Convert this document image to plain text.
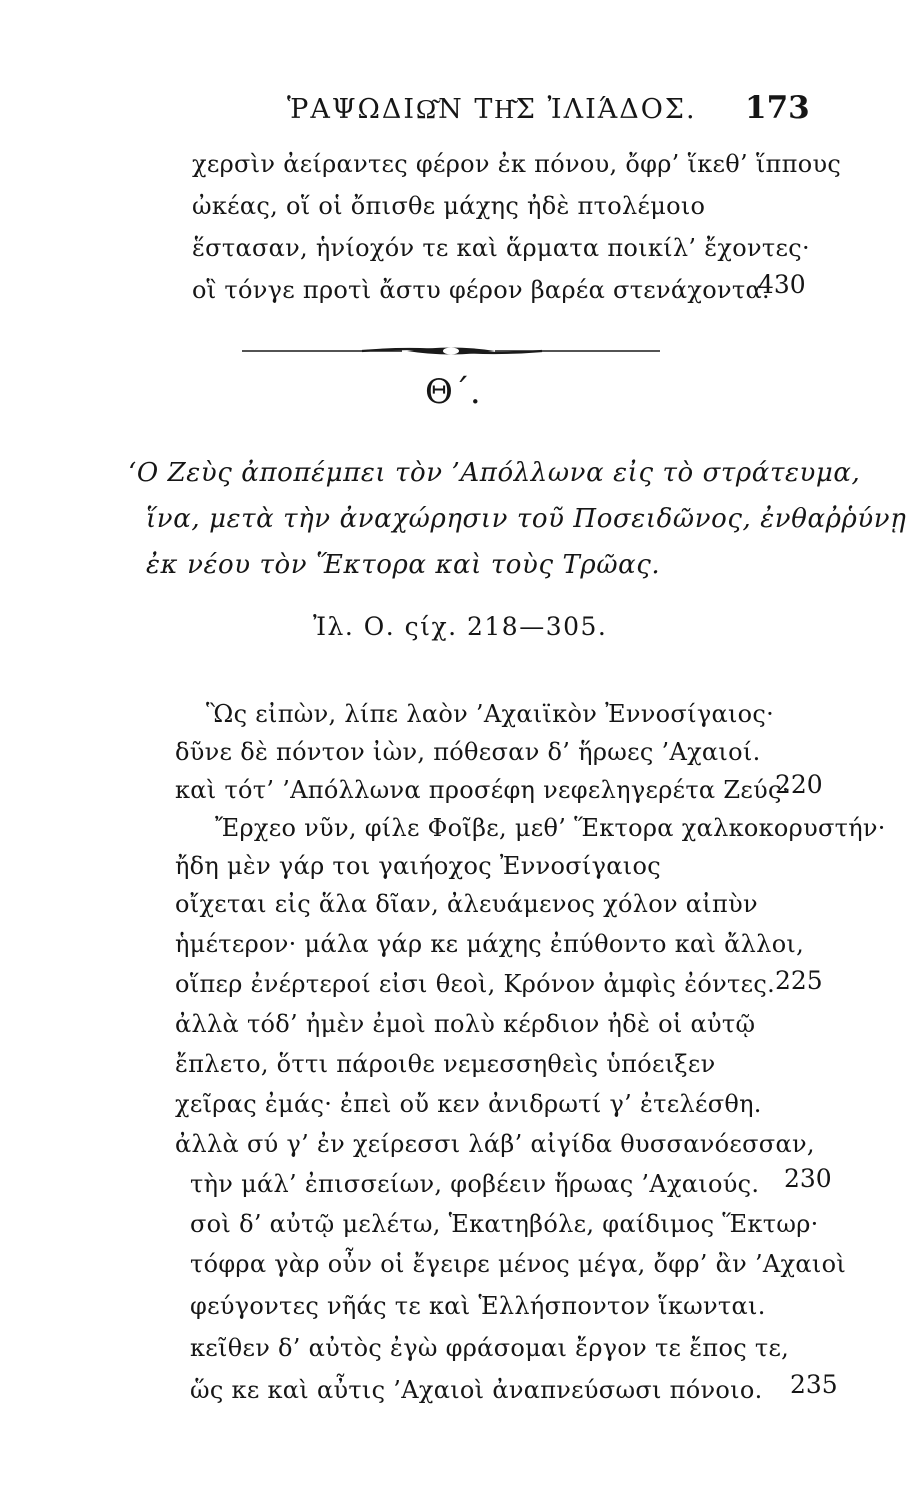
ῬΑΨΩΔΙΩ͂Ν ΤΗ͂Σ ἸΛΙΆΔΟΣ. 173
χερσὶν ἀείραντες φέρον ἐκ πόνου, ὄφρ’ ἵκεθ’ ἵππους
ὠκέας, οἵ οἱ ὄπισθε μάχης ἠδὲ πτολέμοιο
ἕστασαν, ἡνίοχόν τε καὶ ἅρματα ποικίλ’ ἔχοντες·
οἳ τόνγε προτὶ ἄστυ φέρον βαρέα στενάχοντα.
430
Θ΄.
‘Ο Ζεὺς ἀποπέμπει τὸν ’Απόλλωνα εἰς τὸ στράτευμα,
ἵνα, μετὰ τὴν ἀναχώρησιν τοῦ Ποσειδῶνος, ἐνθαῤῥύνῃ
ἐκ νέου τὸν Ἕκτορα καὶ τοὺς Τρῶας.
Ἰλ. Ο. ςίχ. 218—305.
Ὣς εἰπὼν, λίπε λαὸν ’Αχαιϊκὸν Ἐννοσίγαιος·
δῦνε δὲ πόντον ἰὼν, πόθεσαν δ’ ἥρωες ’Αχαιοί.
καὶ τότ’ ’Απόλλωνα προσέφη νεφεληγερέτα Ζεύς·
220
Ἔρχεο νῦν, φίλε Φοῖβε, μεθ’ Ἕκτορα χαλκοκορυστήν·
ἤδη μὲν γάρ τοι γαιήοχος Ἐννοσίγαιος
οἴχεται εἰς ἅλα δῖαν, ἀλευάμενος χόλον αἰπὺν
ἡμέτερον· μάλα γάρ κε μάχης ἐπύθοντο καὶ ἄλλοι,
οἵπερ ἐνέρτεροί εἰσι θεοὶ, Κρόνον ἀμφὶς ἐόντες. 225
ἀλλὰ τόδ’ ἠμὲν ἐμοὶ πολὺ κέρδιον ἠδὲ οἱ αὐτῷ
ἔπλετο, ὅττι πάροιθε νεμεσσηθεὶς ὑπόειξεν
χεῖρας ἐμάς· ἐπεὶ οὔ κεν ἀνιδρωτί γ’ ἐτελέσθη.
ἀλλὰ σύ γ’ ἐν χείρεσσι λάβ’ αἰγίδα θυσσανόεσσαν,
τὴν μάλ’ ἐπισσείων, φοβέειν ἥρωας ’Αχαιούς. 230
σοὶ δ’ αὐτῷ μελέτω, Ἑκατηβόλε, φαίδιμος Ἕκτωρ·
τόφρα γὰρ οὖν οἱ ἔγειρε μένος μέγα, ὄφρ’ ἂν ’Αχαιοὶ
φεύγοντες νῆάς τε καὶ Ἑλλήσποντον ἵκωνται.
κεῖθεν δ’ αὐτὸς ἐγὼ φράσομαι ἔργον τε ἔπος τε,
ὥς κε καὶ αὖτις ’Αχαιοὶ ἀναπνεύσωσι πόνοιο. 235
